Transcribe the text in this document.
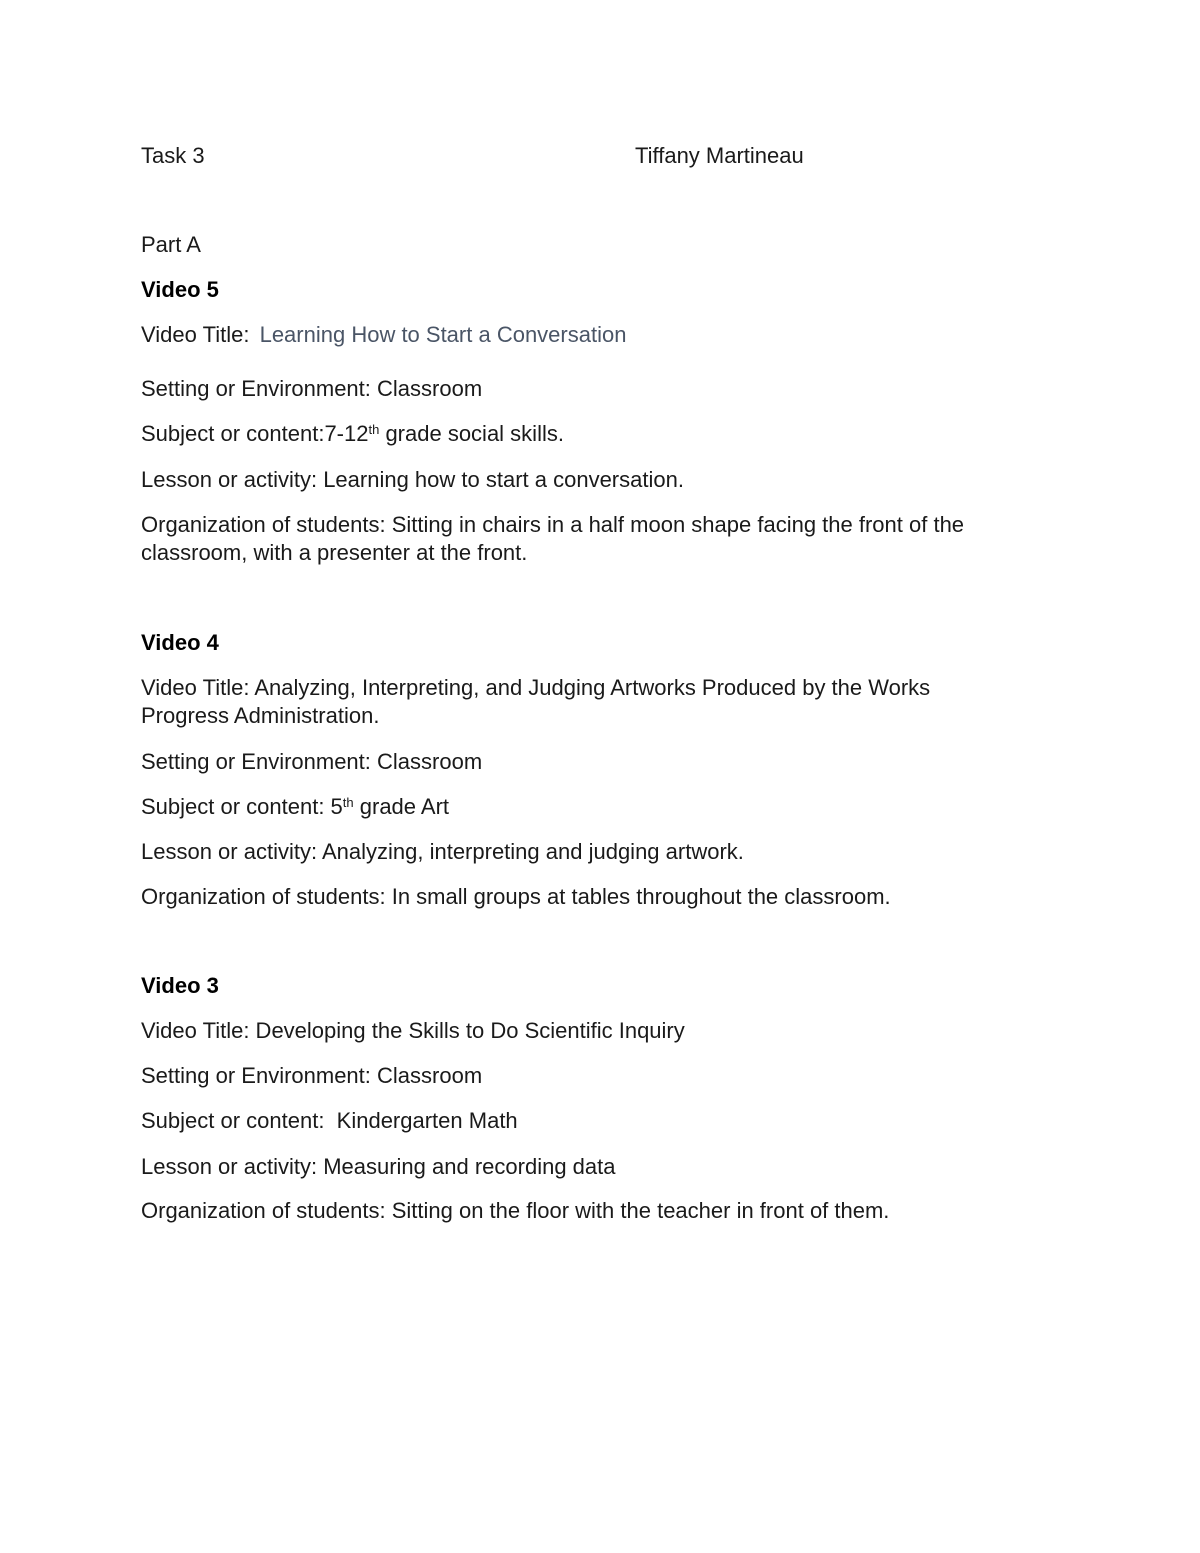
Task 3	Tiffany Martineau
Part A
Video 5
Video Title: Learning How to Start a Conversation
Setting or Environment: Classroom
Subject or content:7-12th grade social skills.
Lesson or activity: Learning how to start a conversation.
Organization of students: Sitting in chairs in a half moon shape facing the front of the classroom, with a presenter at the front.
Video 4
Video Title: Analyzing, Interpreting, and Judging Artworks Produced by the Works Progress Administration.
Setting or Environment: Classroom
Subject or content: 5th grade Art
Lesson or activity: Analyzing, interpreting and judging artwork.
Organization of students: In small groups at tables throughout the classroom.
Video 3
Video Title: Developing the Skills to Do Scientific Inquiry
Setting or Environment: Classroom
Subject or content:  Kindergarten Math
Lesson or activity: Measuring and recording data
Organization of students: Sitting on the floor with the teacher in front of them.
